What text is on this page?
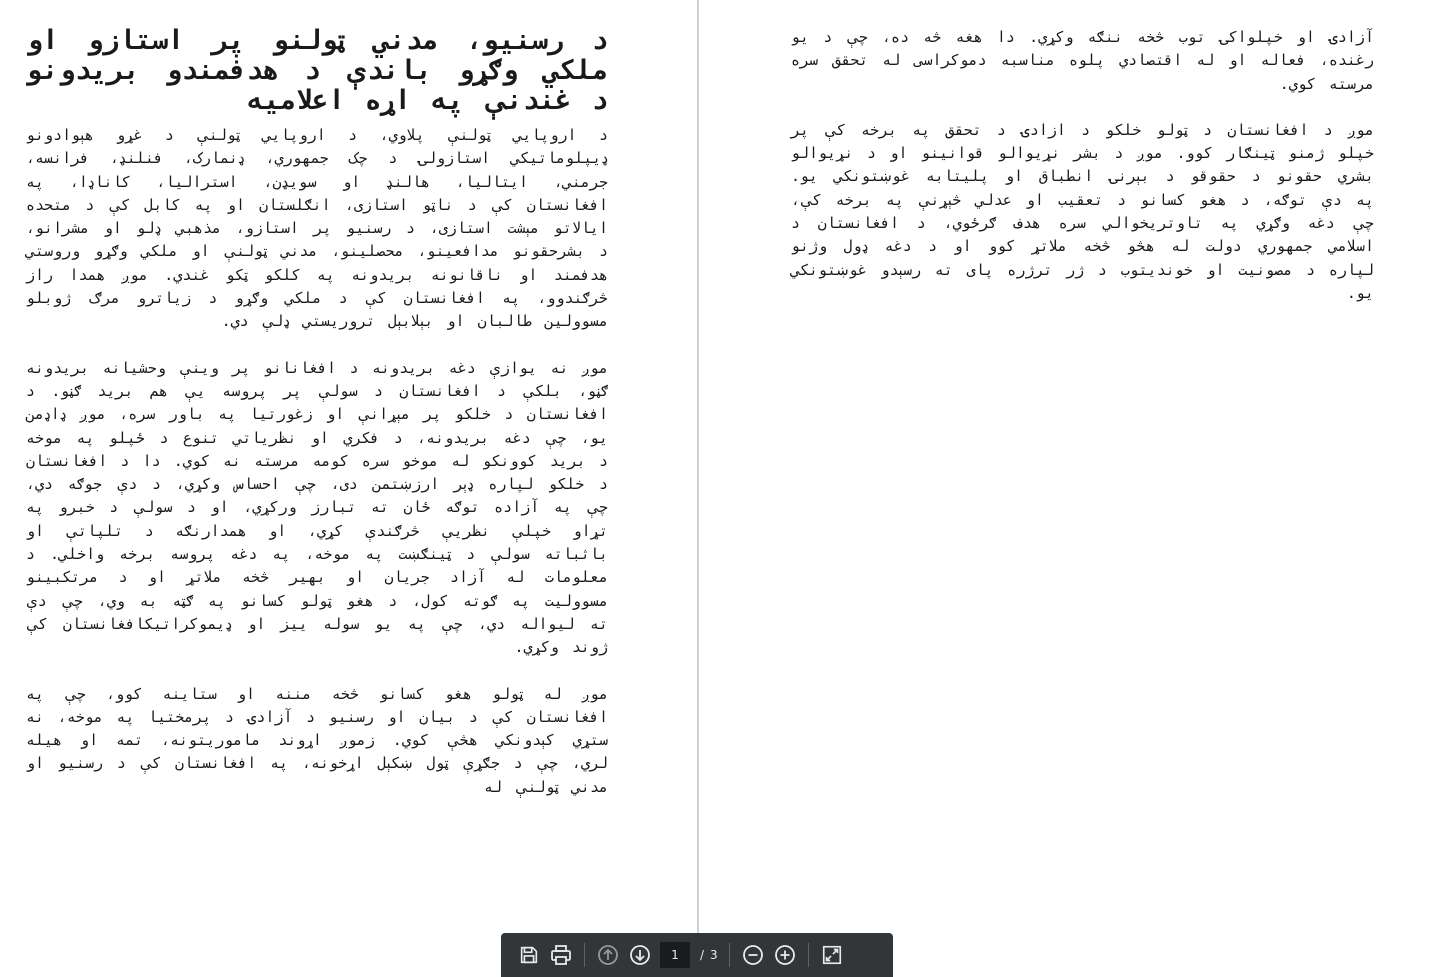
د رسنيو، مدني ټولنو پر استازو او ملکي وګړو باندې د هدفمندو بريدونو د غندنې په اړه اعلاميه

د اروپايي ټولنې پلاوي، د اروپايي ټولنې د غړو هېوادونو ډيپلوماتيکي استازولۍ د چک جمهوري، ډنمارک، فنلنډ، فرانسه، جرمني، ايتاليا، هالنډ او سويډن، استراليا، کاناډا، په افغانستان کې د ناټو استازی، انګلستان او په کابل کې د متحده اياﻻتو مېشت استازی، د رسنيو پر استازو، مذهبي ډلو او مشرانو، د بشرحقونو مدافعينو، محصلينو، مدني ټولنې او ملکي وګړو وروستي هدفمند او ناقانونه بريدونه په کلکو ټکو غندي. موږ همدا راز څرګندوو، په افغانستان کې د ملکي وګړو د زياترو مرګ ژوبلو مسوولين طالبان او بېلابېل تروريستي ډلې دي.

موږ نه يوازې دغه بريدونه د افغانانو پر وينې وحشيانه بريدونه ګڼو، بلکې د افغانستان د سولې پر پروسه يې هم بريد ګڼو. د افغانستان د خلکو پر مېړانې او زغورتيا په باور سره، موږ ډاډمن يو، چې دغه بريدونه، د فکري او نظرياتي تنوع د ځپلو په موخه د بريد کوونکو له موخو سره کومه مرسته نه کوي. دا د افغانستان د خلکو لپاره ډېر ارزښتمن دی، چې احساس وکړي، د دې جوګه دي، چې په آزاده توګه ځان ته تبارز ورکړي، او د سولې د خبرو په تړاو خپلې نظريې څرګندې کړي، او همدارنګه د تلپاتې او باثباته سولې د ټينګښت په موخه، په دغه پروسه برخه واخلي. د معلومات له آزاد جريان او بهير څخه ملاتړ او د مرتکبينو مسووليت په ګوته کول، د هغو ټولو کسانو په ګټه به وي، چې دې ته ليواله دي، چې په يو سوله ييز او ډيموکراتيکافغانستان کې ژوند وکړي.

موږ له ټولو هغو کسانو څخه مننه او ستاينه کوو، چې په افغانستان کې د بيان او رسنيو د آزادۍ د پرمختيا په موخه، نه ستړي کېدونکي هڅې کوي. زموږ اړوند ماموريتونه، تمه او هيله لري، چې د جګړې ټول ښکېل اړخونه، په افغانستان کې د رسنيو او مدني ټولنې له

آزادۍ او خپلواکۍ توب څخه ننګه وکړي. دا هغه څه ده، چې د يو رغنده، فعاله او له اقتصادي پلوه مناسبه دموکراسی له تحقق سره مرسته کوي.

موږ د افغانستان د ټولو خلکو د ازادۍ د تحقق په برخه کې پر خپلو ژمنو ټينګار کوو. موږ د بشر نړيوالو قوانينو او د نړيوالو بشري حقونو د حقوقو د بېرنۍ انطباق او پليتابه غوښتونکي يو. په دې توګه، د هغو کسانو د تعقيب او عدلي څېړنې په برخه کې، چې دغه وګړي په تاوتريخوالي سره هدف ګرځوي، د افغانستان د اسلامي جمهوري دولت له هڅو څخه ملاتړ کوو او د دغه ډول وژنو لپاره د مصونيت او خونديتوب د ژر ترژره پای ته رسېدو غوښتونکي يو.

1
/ 3
